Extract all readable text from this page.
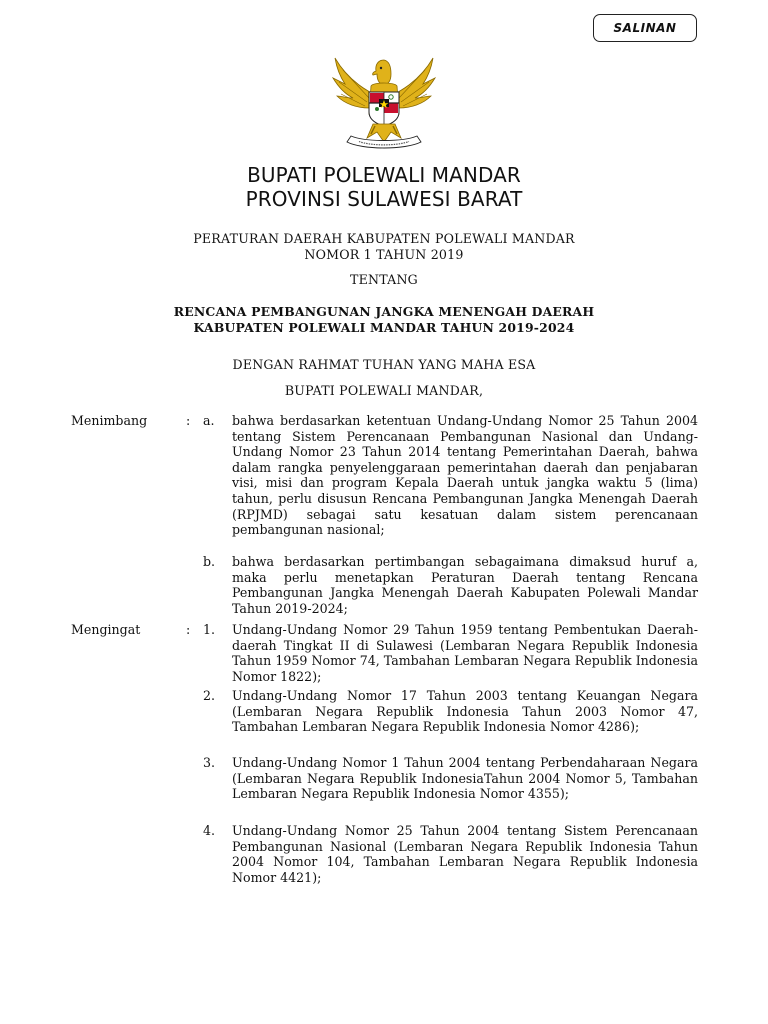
SALINAN
BUPATI POLEWALI MANDAR
PROVINSI SULAWESI BARAT
PERATURAN DAERAH KABUPATEN POLEWALI MANDAR
NOMOR 1 TAHUN 2019
TENTANG
RENCANA PEMBANGUNAN JANGKA MENENGAH DAERAH
KABUPATEN POLEWALI MANDAR TAHUN 2019-2024
DENGAN RAHMAT TUHAN YANG MAHA ESA
BUPATI POLEWALI MANDAR,
Menimbang	: a. bahwa berdasarkan ketentuan Undang-Undang Nomor 25 Tahun 2004 tentang Sistem Perencanaan Pembangunan Nasional dan Undang-Undang Nomor 23 Tahun 2014 tentang Pemerintahan Daerah, bahwa dalam rangka penyelenggaraan pemerintahan daerah dan penjabaran visi, misi dan program Kepala Daerah untuk jangka waktu 5 (lima) tahun, perlu disusun Rencana Pembangunan Jangka Menengah Daerah (RPJMD) sebagai satu kesatuan dalam sistem perencanaan pembangunan nasional;
b. bahwa berdasarkan pertimbangan sebagaimana dimaksud huruf a, maka perlu menetapkan Peraturan Daerah tentang Rencana Pembangunan Jangka Menengah Daerah Kabupaten Polewali Mandar Tahun 2019-2024;
Mengingat	: 1. Undang-Undang Nomor 29 Tahun 1959 tentang Pembentukan Daerah-daerah Tingkat II di Sulawesi (Lembaran Negara Republik Indonesia Tahun 1959 Nomor 74, Tambahan Lembaran Negara Republik Indonesia Nomor 1822);
2. Undang-Undang Nomor 17 Tahun 2003 tentang Keuangan Negara (Lembaran Negara Republik Indonesia Tahun 2003 Nomor 47, Tambahan Lembaran Negara Republik Indonesia Nomor 4286);
3. Undang-Undang Nomor 1 Tahun 2004 tentang Perbendaharaan Negara (Lembaran Negara Republik IndonesiaTahun 2004 Nomor 5, Tambahan Lembaran Negara Republik Indonesia Nomor 4355);
4. Undang-Undang Nomor 25 Tahun 2004 tentang Sistem Perencanaan Pembangunan Nasional (Lembaran Negara Republik Indonesia Tahun 2004 Nomor 104, Tambahan Lembaran Negara Republik Indonesia Nomor 4421);
